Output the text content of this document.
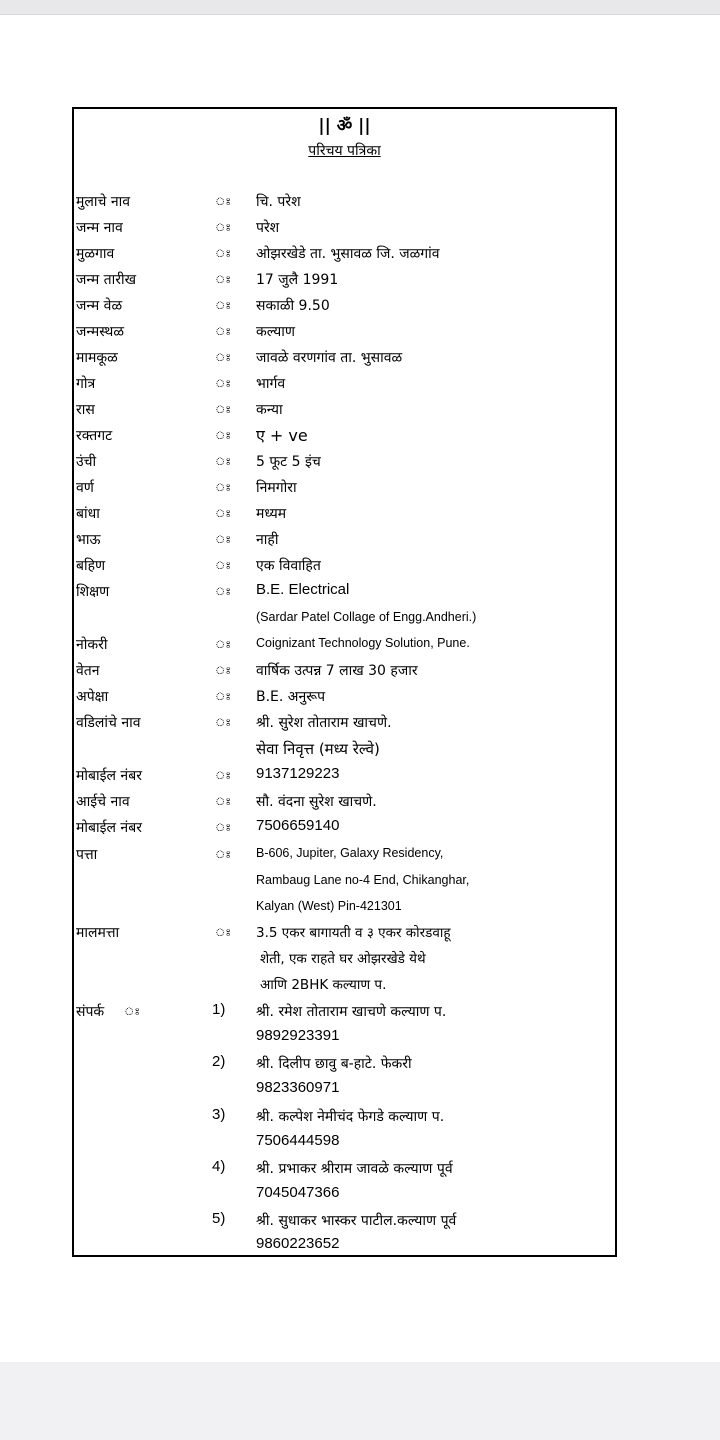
|| ॐ ||
परिचय पत्रिका
मुलाचे नाव	ঃ चि. परेश
जन्म नाव	ঃ परेश
मुळगाव	ঃ ओझरखेडे ता. भुसावळ जि. जळगांव
जन्म तारीख	ঃ 17 जुलै 1991
जन्म वेळ	ঃ सकाळी 9.50
जन्मस्थळ	ঃ कल्याण
मामकूळ	ঃ जावळे वरणगांव ता. भुसावळ
गोत्र	ঃ भार्गव
रास	ঃ कन्या
रक्तगट	ঃ ए + ve
उंची	ঃ 5 फूट 5 इंच
वर्ण	ঃ निमगोरा
बांधा	ঃ मध्यम
भाऊ	ঃ नाही
बहिण	ঃ एक विवाहित
शिक्षण	ঃ B.E. Electrical
(Sardar Patel Collage of Engg.Andheri.)
नोकरी	ঃ Coignizant Technology Solution, Pune.
वेतन	ঃ वार्षिक उत्पन्न 7 लाख 30 हजार
अपेक्षा	ঃ B.E. अनुरूप
वडिलांचे नाव	ঃ श्री. सुरेश तोताराम खाचणे.
सेवा निवृत्त (मध्य रेल्वे)
मोबाईल नंबर	ঃ 9137129223
आईचे नाव	ঃ सौ. वंदना सुरेश खाचणे.
मोबाईल नंबर	ঃ 7506659140
पत्ता	ঃ B-606, Jupiter, Galaxy Residency,
Rambaug Lane no-4 End, Chikanghar,
Kalyan (West) Pin-421301
मालमत्ता	ঃ 3.5 एकर बागायती व ३ एकर कोरडवाहू
शेती, एक राहते घर ओझरखेडे येथे
आणि 2BHK कल्याण प.
संपर्क ঃ	1) श्री. रमेश तोताराम खाचणे कल्याण प.
9892923391
2) श्री. दिलीप छावु ब-हाटे. फेकरी
9823360971
3) श्री. कल्पेश नेमीचंद फेगडे कल्याण प.
7506444598
4) श्री. प्रभाकर श्रीराम जावळे कल्याण पूर्व
7045047366
5) श्री. सुधाकर भास्कर पाटील.कल्याण पूर्व
9860223652
